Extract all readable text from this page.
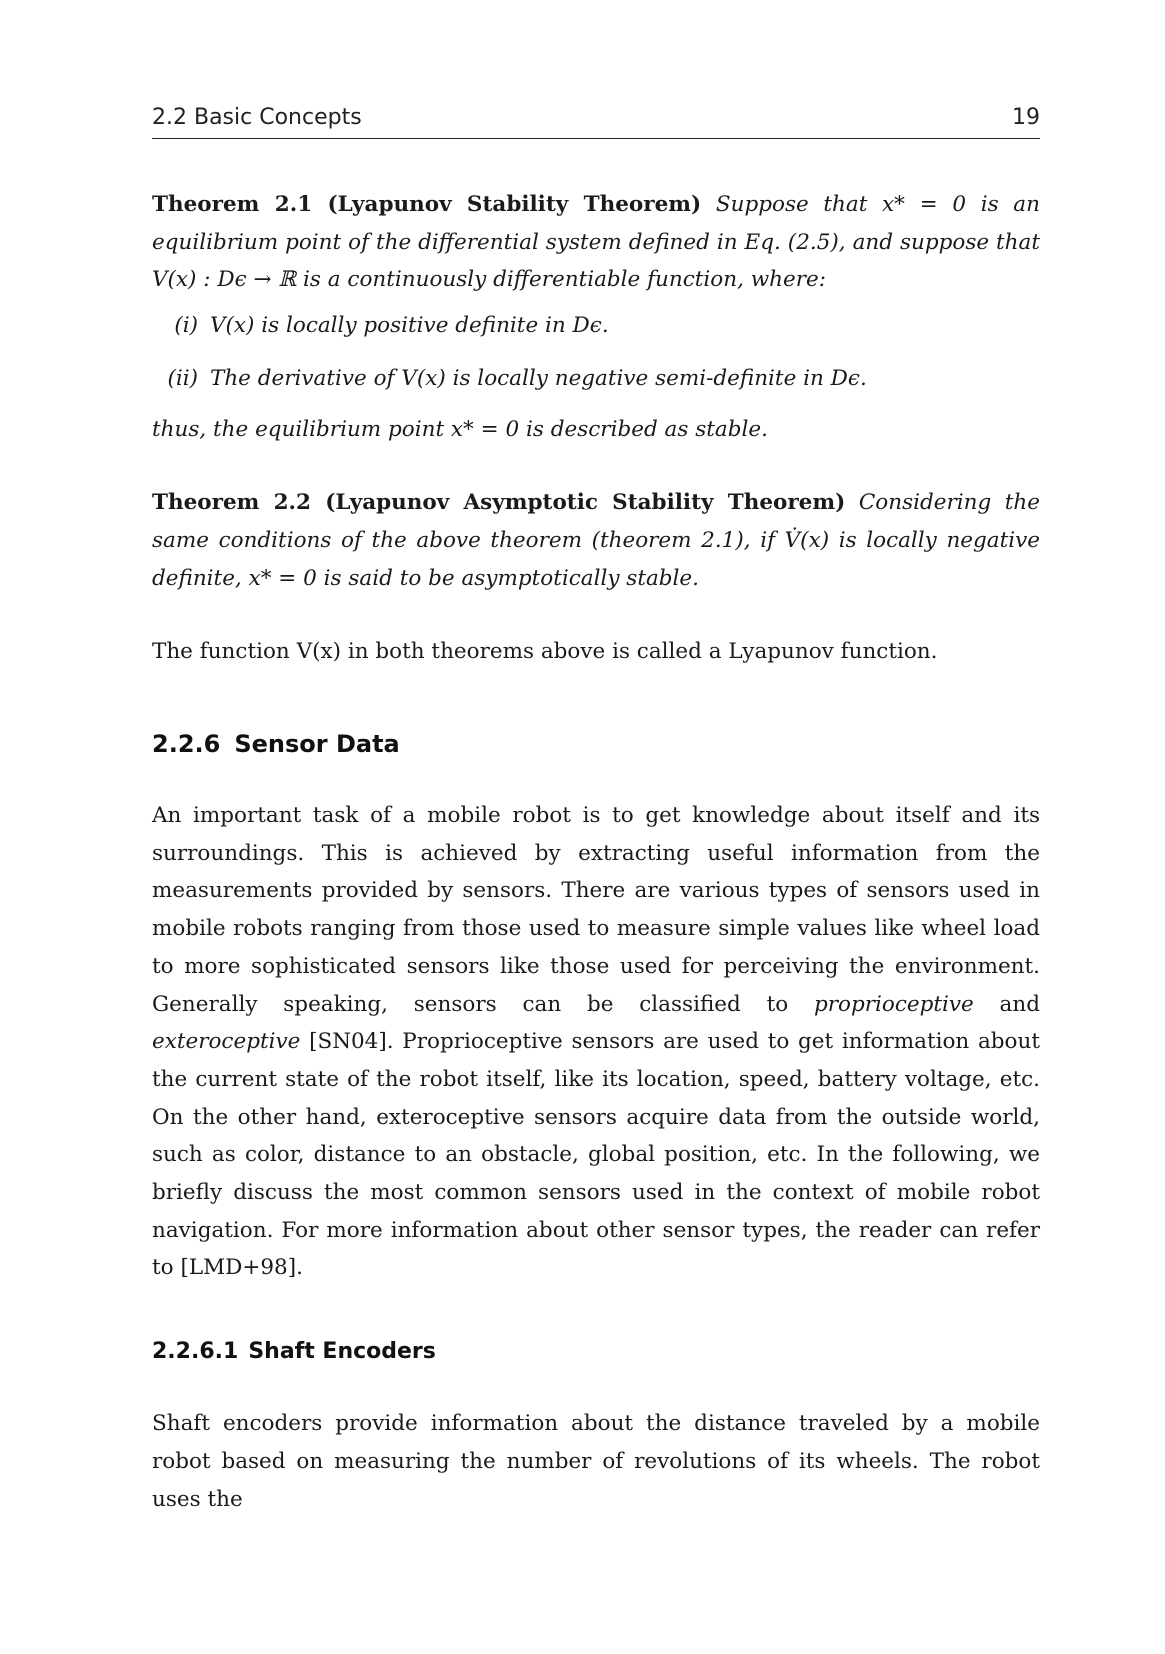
2.2 Basic Concepts	19

Theorem 2.1 (Lyapunov Stability Theorem) Suppose that x* = 0 is an equilibrium point of the differential system defined in Eq. (2.5), and suppose that V(x) : Dϵ → ℝ is a continuously differentiable function, where:

(i) V(x) is locally positive definite in Dϵ.
(ii) The derivative of V(x) is locally negative semi-definite in Dϵ.

thus, the equilibrium point x* = 0 is described as stable.

Theorem 2.2 (Lyapunov Asymptotic Stability Theorem) Considering the same conditions of the above theorem (theorem 2.1), if V̇(x) is locally negative definite, x* = 0 is said to be asymptotically stable.

The function V(x) in both theorems above is called a Lyapunov function.

2.2.6 Sensor Data

An important task of a mobile robot is to get knowledge about itself and its surroundings. This is achieved by extracting useful information from the measurements provided by sensors. There are various types of sensors used in mobile robots ranging from those used to measure simple values like wheel load to more sophisticated sensors like those used for perceiving the environment. Generally speaking, sensors can be classified to proprioceptive and exteroceptive [SN04]. Proprioceptive sensors are used to get information about the current state of the robot itself, like its location, speed, battery voltage, etc. On the other hand, exteroceptive sensors acquire data from the outside world, such as color, distance to an obstacle, global position, etc. In the following, we briefly discuss the most common sensors used in the context of mobile robot navigation. For more information about other sensor types, the reader can refer to [LMD+98].

2.2.6.1 Shaft Encoders

Shaft encoders provide information about the distance traveled by a mobile robot based on measuring the number of revolutions of its wheels. The robot uses the
